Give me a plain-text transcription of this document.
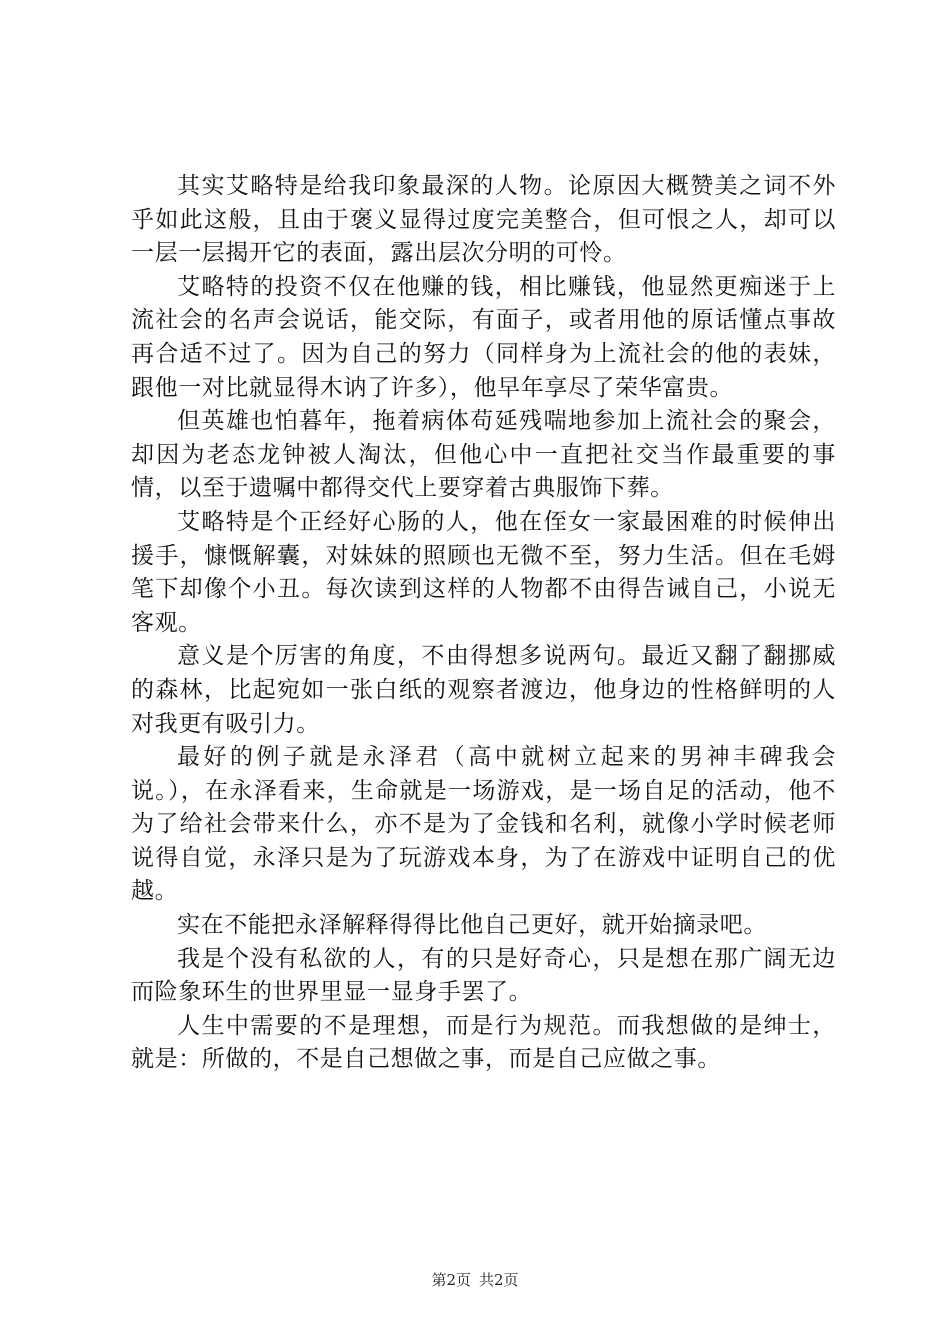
其实艾略特是给我印象最深的人物。论原因大概赞美之词不外乎如此这般，且由于褒义显得过度完美整合，但可恨之人，却可以一层一层揭开它的表面，露出层次分明的可怜。

艾略特的投资不仅在他赚的钱，相比赚钱，他显然更痴迷于上流社会的名声会说话，能交际，有面子，或者用他的原话懂点事故再合适不过了。因为自己的努力（同样身为上流社会的他的表妹，跟他一对比就显得木讷了许多），他早年享尽了荣华富贵。

但英雄也怕暮年，拖着病体苟延残喘地参加上流社会的聚会，却因为老态龙钟被人淘汰，但他心中一直把社交当作最重要的事情，以至于遗嘱中都得交代上要穿着古典服饰下葬。

艾略特是个正经好心肠的人，他在侄女一家最困难的时候伸出援手，慷慨解囊，对妹妹的照顾也无微不至，努力生活。但在毛姆笔下却像个小丑。每次读到这样的人物都不由得告诫自己，小说无客观。

意义是个厉害的角度，不由得想多说两句。最近又翻了翻挪威的森林，比起宛如一张白纸的观察者渡边，他身边的性格鲜明的人对我更有吸引力。

最好的例子就是永泽君（高中就树立起来的男神丰碑我会说。），在永泽看来，生命就是一场游戏，是一场自足的活动，他不为了给社会带来什么，亦不是为了金钱和名利，就像小学时候老师说得自觉，永泽只是为了玩游戏本身，为了在游戏中证明自己的优越。

实在不能把永泽解释得得比他自己更好，就开始摘录吧。

我是个没有私欲的人，有的只是好奇心，只是想在那广阔无边而险象环生的世界里显一显身手罢了。

人生中需要的不是理想，而是行为规范。而我想做的是绅士，就是：所做的，不是自己想做之事，而是自己应做之事。

第2页 共2页
